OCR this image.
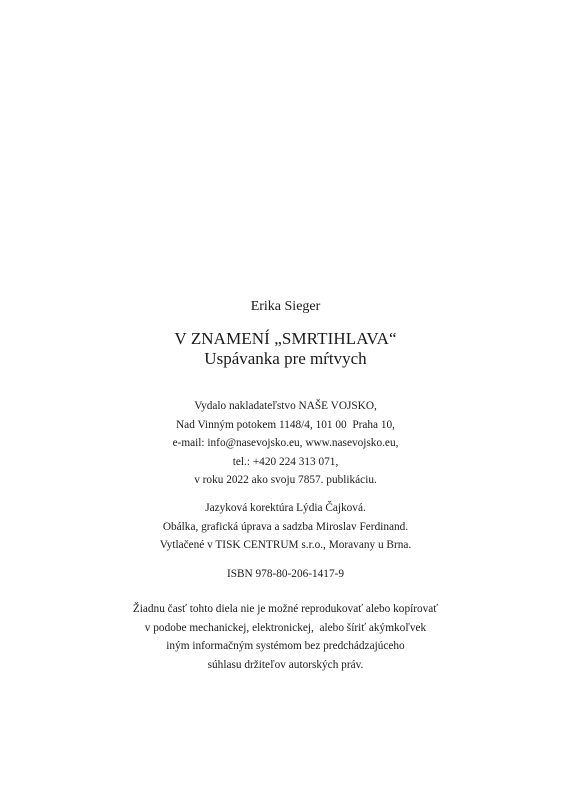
Erika Sieger
V ZNAMENÍ „SMRTIHLAVA“
Uspávanka pre mŕtvych
Vydalo nakladateľstvo NAŠE VOJSKO,
Nad Vinným potokem 1148/4, 101 00  Praha 10,
e-mail: info@nasevojsko.eu, www.nasevojsko.eu,
tel.: +420 224 313 071,
v roku 2022 ako svoju 7857. publikáciu.
Jazyková korektúra Lýdia Čajková.
Obálka, grafická úprava a sadzba Miroslav Ferdinand.
Vytlačené v TISK CENTRUM s.r.o., Moravany u Brna.
ISBN 978-80-206-1417-9
Žiadnu časť tohto diela nie je možné reprodukovať alebo kopírovať
v podobe mechanickej, elektronickej,  alebo šíriť akýmkoľvek
iným informačným systémom bez predchádzajúceho
súhlasu držiteľov autorských práv.
